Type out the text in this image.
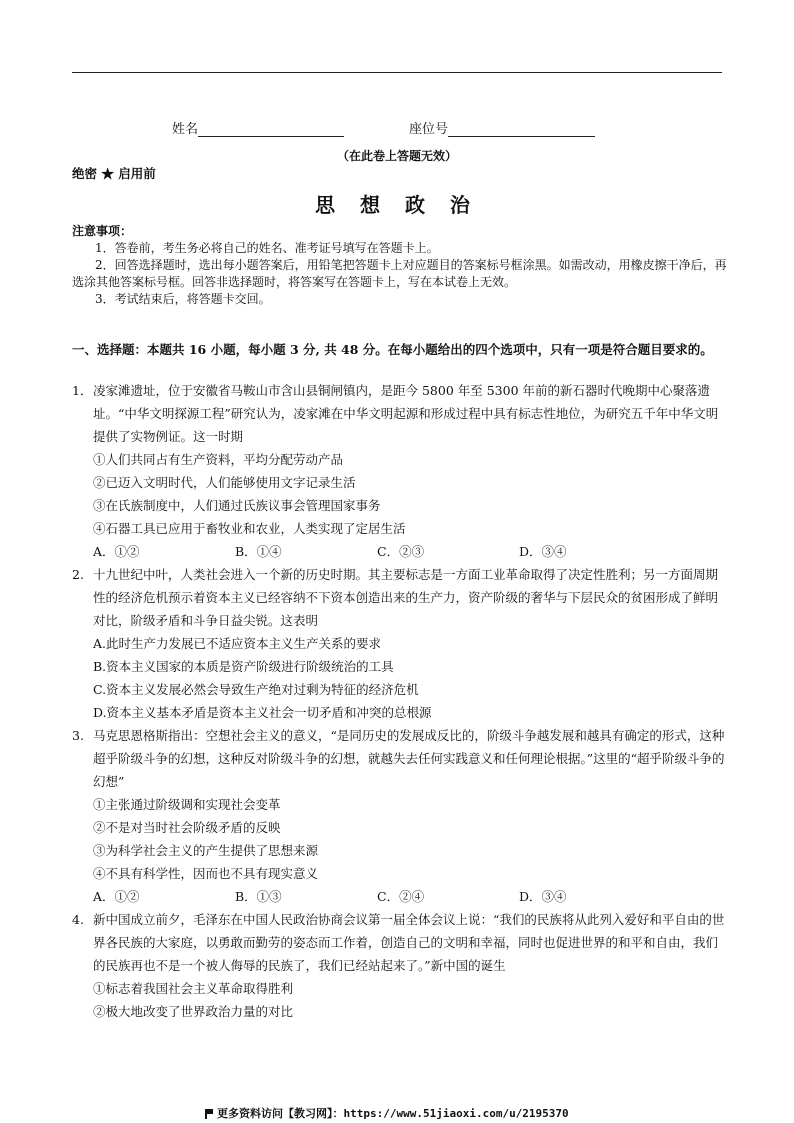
姓名	座位号
（在此卷上答题无效）
绝密 ★ 启用前
思 想 政 治
注意事项：

1．答卷前，考生务必将自己的姓名、准考证号填写在答题卡上。

2．回答选择题时，选出每小题答案后，用铅笔把答题卡上对应题目的答案标号框涂黑。如需改动，用橡皮擦干净后，再选涂其他答案标号框。回答非选择题时，将答案写在答题卡上，写在本试卷上无效。

3．考试结束后，将答题卡交回。

一、选择题：本题共 16 小题，每小题 3 分, 共 48 分。在每小题给出的四个选项中，只有一项是符合题目要求的。
1． 凌家滩遗址，位于安徽省马鞍山市含山县铜闸镇内，是距今 5800 年至 5300 年前的新石器时代晚期中心聚落遗址。“中华文明探源工程”研究认为，凌家滩在中华文明起源和形成过程中具有标志性地位，为研究五千年中华文明提供了实物例证。这一时期
①人们共同占有生产资料，平均分配劳动产品
②已迈入文明时代，人们能够使用文字记录生活
③在氏族制度中，人们通过氏族议事会管理国家事务
④石器工具已应用于畜牧业和农业，人类实现了定居生活
A．①②	B．①④	C．②③	D．③④
2. 十九世纪中叶，人类社会进入一个新的历史时期。其主要标志是一方面工业革命取得了决定性胜利；另一方面周期性的经济危机预示着资本主义已经容纳不下资本创造出来的生产力，资产阶级的奢华与下层民众的贫困形成了鲜明对比，阶级矛盾和斗争日益尖锐。这表明
A.此时生产力发展已不适应资本主义生产关系的要求
B.资本主义国家的本质是资产阶级进行阶级统治的工具
C.资本主义发展必然会导致生产绝对过剩为特征的经济危机
D.资本主义基本矛盾是资本主义社会一切矛盾和冲突的总根源
3. 马克思恩格斯指出：空想社会主义的意义，“是同历史的发展成反比的，阶级斗争越发展和越具有确定的形式，这种超乎阶级斗争的幻想，这种反对阶级斗争的幻想，就越失去任何实践意义和任何理论根据。”这里的“超乎阶级斗争的幻想”
①主张通过阶级调和实现社会变革
②不是对当时社会阶级矛盾的反映
③为科学社会主义的产生提供了思想来源
④不具有科学性，因而也不具有现实意义
A．①②	B．①③	C．②④	D．③④
4. 新中国成立前夕，毛泽东在中国人民政治协商会议第一届全体会议上说：“我们的民族将从此列入爱好和平自由的世界各民族的大家庭，以勇敢而勤劳的姿态而工作着，创造自己的文明和幸福，同时也促进世界的和平和自由，我们的民族再也不是一个被人侮辱的民族了，我们已经站起来了。”新中国的诞生
①标志着我国社会主义革命取得胜利
②极大地改变了世界政治力量的对比
更多资料访问【教习网】：https://www.51jiaoxi.com/u/2195370
